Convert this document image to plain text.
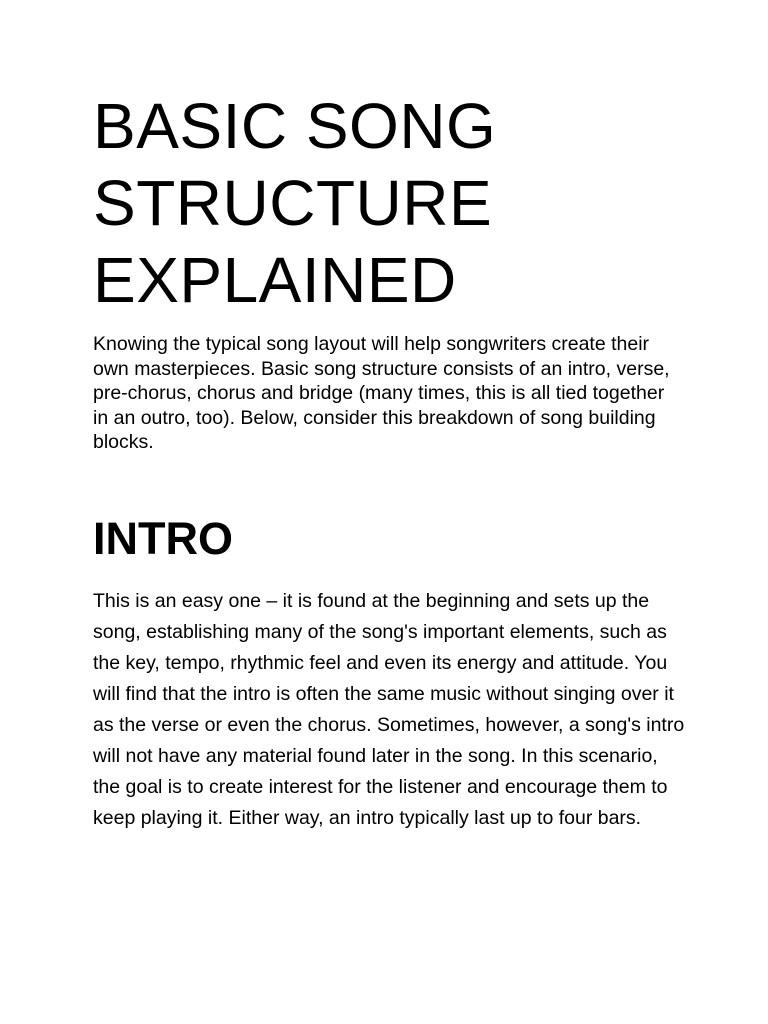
BASIC SONG
STRUCTURE
EXPLAINED

Knowing the typical song layout will help songwriters create their own masterpieces. Basic song structure consists of an intro, verse, pre-chorus, chorus and bridge (many times, this is all tied together in an outro, too). Below, consider this breakdown of song building blocks.

INTRO

This is an easy one – it is found at the beginning and sets up the song, establishing many of the song's important elements, such as the key, tempo, rhythmic feel and even its energy and attitude. You will find that the intro is often the same music without singing over it as the verse or even the chorus. Sometimes, however, a song's intro will not have any material found later in the song. In this scenario, the goal is to create interest for the listener and encourage them to keep playing it. Either way, an intro typically last up to four bars.
